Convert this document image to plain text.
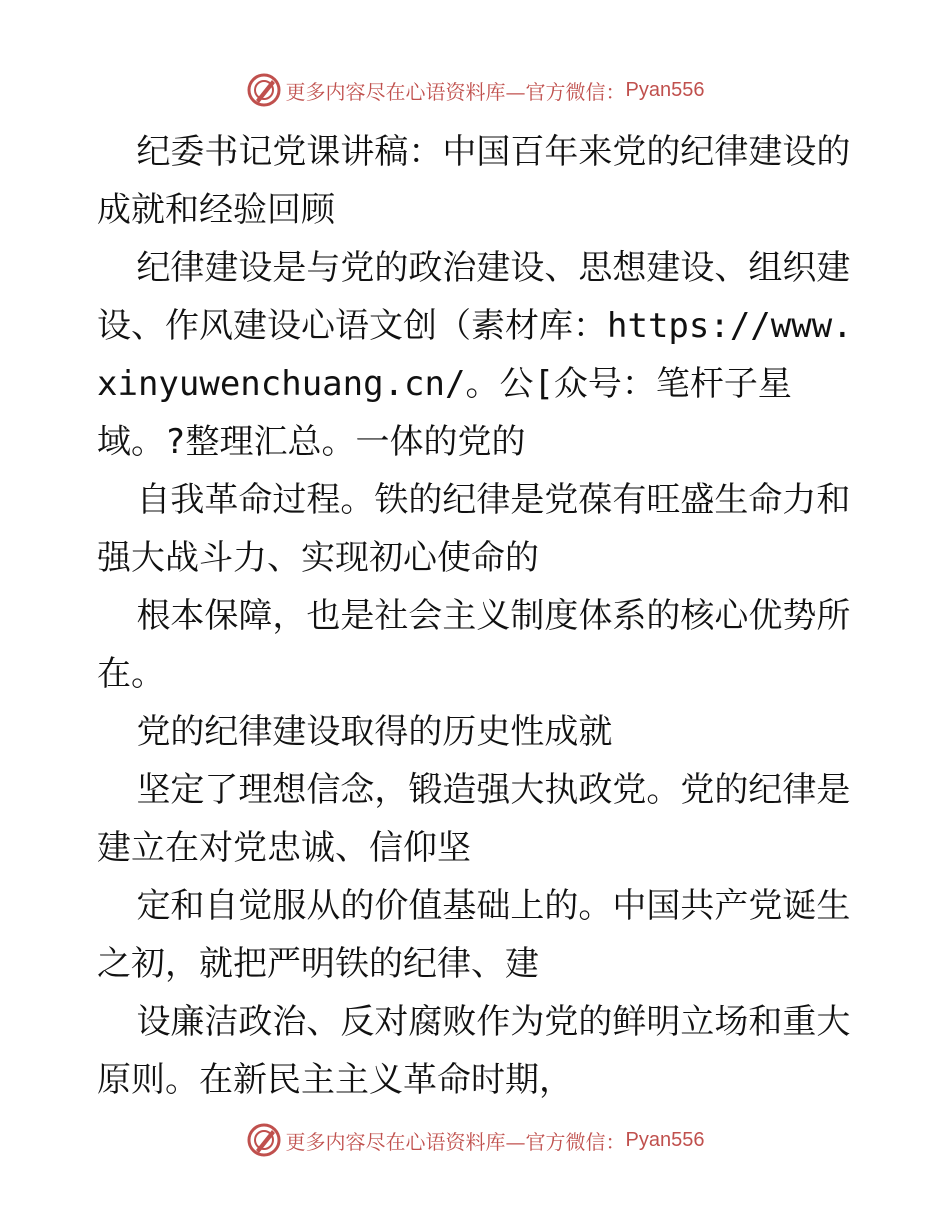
更多内容尽在心语资料库—官方微信： Pyan556

纪委书记党课讲稿：中国百年来党的纪律建设的成就和经验回顾

纪律建设是与党的政治建设、思想建设、组织建设、作风建设心语文创（素材库：https://www.xinyuwenchuang.cn/。公[众号：笔杆子星域。?整理汇总。一体的党的

自我革命过程。铁的纪律是党葆有旺盛生命力和强大战斗力、实现初心使命的

根本保障，也是社会主义制度体系的核心优势所在。

党的纪律建设取得的历史性成就

坚定了理想信念，锻造强大执政党。党的纪律是建立在对党忠诚、信仰坚

定和自觉服从的价值基础上的。中国共产党诞生之初，就把严明铁的纪律、建

设廉洁政治、反对腐败作为党的鲜明立场和重大原则。在新民主主义革命时期，

更多内容尽在心语资料库—官方微信： Pyan556
